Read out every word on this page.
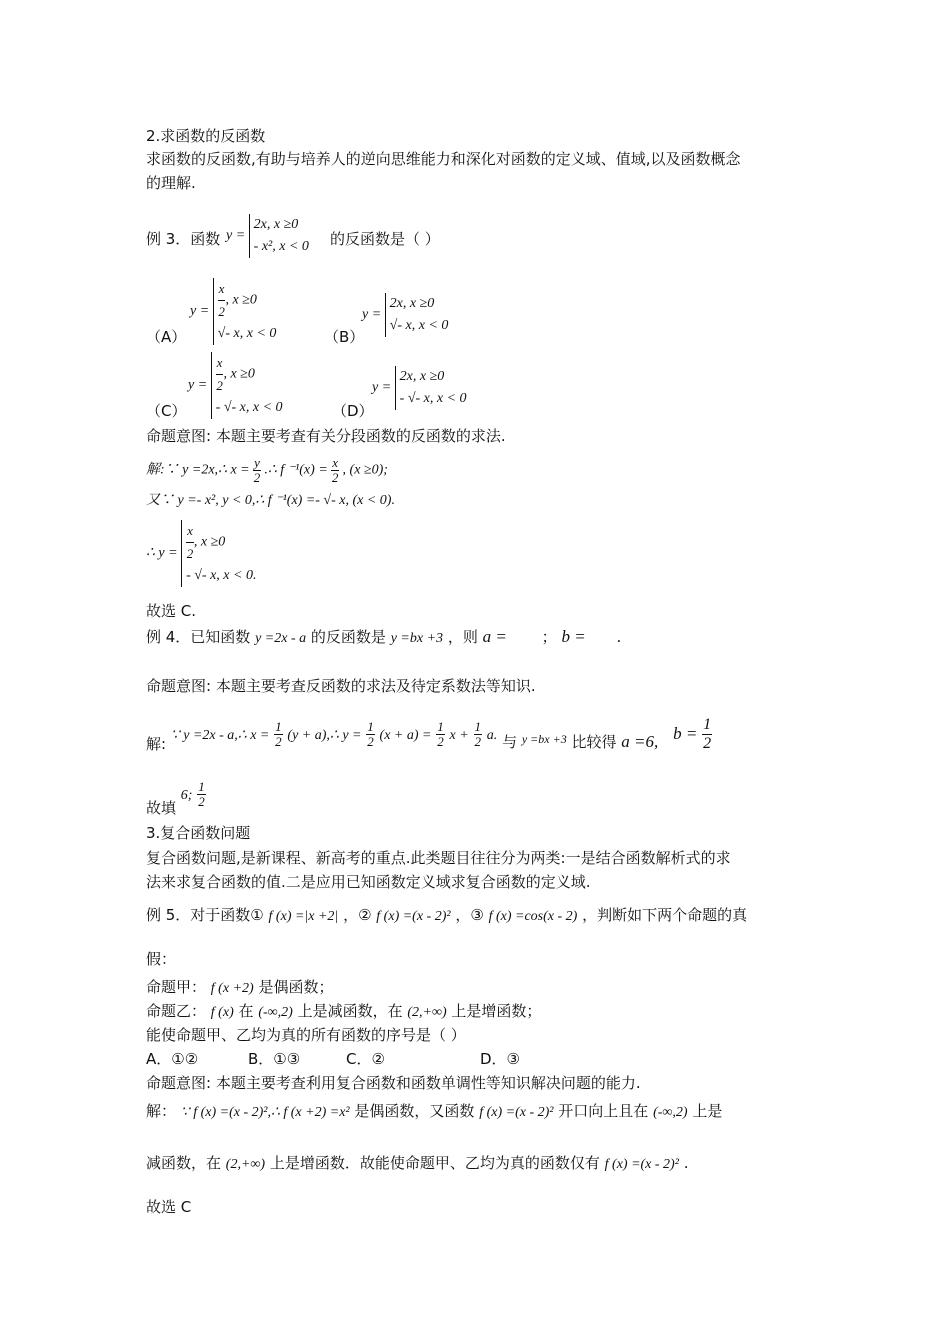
2.求函数的反函数
求函数的反函数,有助与培养人的逆向思维能力和深化对函数的定义域、值域,以及函数概念
的理解.
例 3．函数 y =
2x, x ≥0
- x², x < 0 的反函数是（ ）
（A）
$y = \frac{x}{2}$ , x ≥0
√- x, x < 0	（B）
y =
2x, x ≥0
√- x, x < 0
（C）
$y = \frac{x}{2}$ , x ≥0
- √- x, x < 0	（D）
y =
2x, x ≥0
- √- x, x < 0
命题意图: 本题主要考查有关分段函数的反函数的求法.
解:∵ y =2x,∴ $x = \frac{y}{2}$ .∴ f $^{-1}(x) = \frac{x}{2}$ , (x ≥0);
又∵ y =- x², y < 0,∴ f ⁻¹(x) =- √- x, (x < 0).
∴ $y = \frac{x}{2}$ , x ≥0
- √- x, x < 0.
故选 C.
例 4．已知函数 y =2x - a 的反函数是 y =bx +3 ，则 a = ； b = .
命题意图: 本题主要考查反函数的求法及待定系数法等知识.
解: ∵ y =2x - a,∴ $x = \frac{1}{2} (y$ + a),∴ $y = \frac{1}{2} (x + a) = \frac{1}{2}$ $x + \frac{1}{2} a$. 与 $_{y =bx +3}$ 比较得 a =6, $b = \frac{1}{2}$
故填 6; $\frac{1}{2}$
3.复合函数问题
复合函数问题,是新课程、新高考的重点.此类题目往往分为两类:一是结合函数解析式的求
法来求复合函数的值.二是应用已知函数定义域求复合函数的定义域.
例 5．对于函数① f (x) =|x +2| ，② f (x) =(x - 2)² ，③ f (x) =cos(x - 2) ，判断如下两个命题的真
假：
命题甲： f (x +2) 是偶函数；
命题乙： f (x) 在 (-∞,2) 上是减函数，在 (2,+∞) 上是增函数；
能使命题甲、乙均为真的所有函数的序号是（ ）
A．①②	B．①③	C．②	D．③
命题意图: 本题主要考查利用复合函数和函数单调性等知识解决问题的能力.
解： ∵ f (x) =(x - 2)²,∴ f (x +2) =x² 是偶函数，又函数 f (x) =(x - 2)² 开口向上且在 (-∞,2) 上是
减函数，在 (2,+∞) 上是增函数．故能使命题甲、乙均为真的函数仅有 f (x) =(x - 2)² .
故选 C
